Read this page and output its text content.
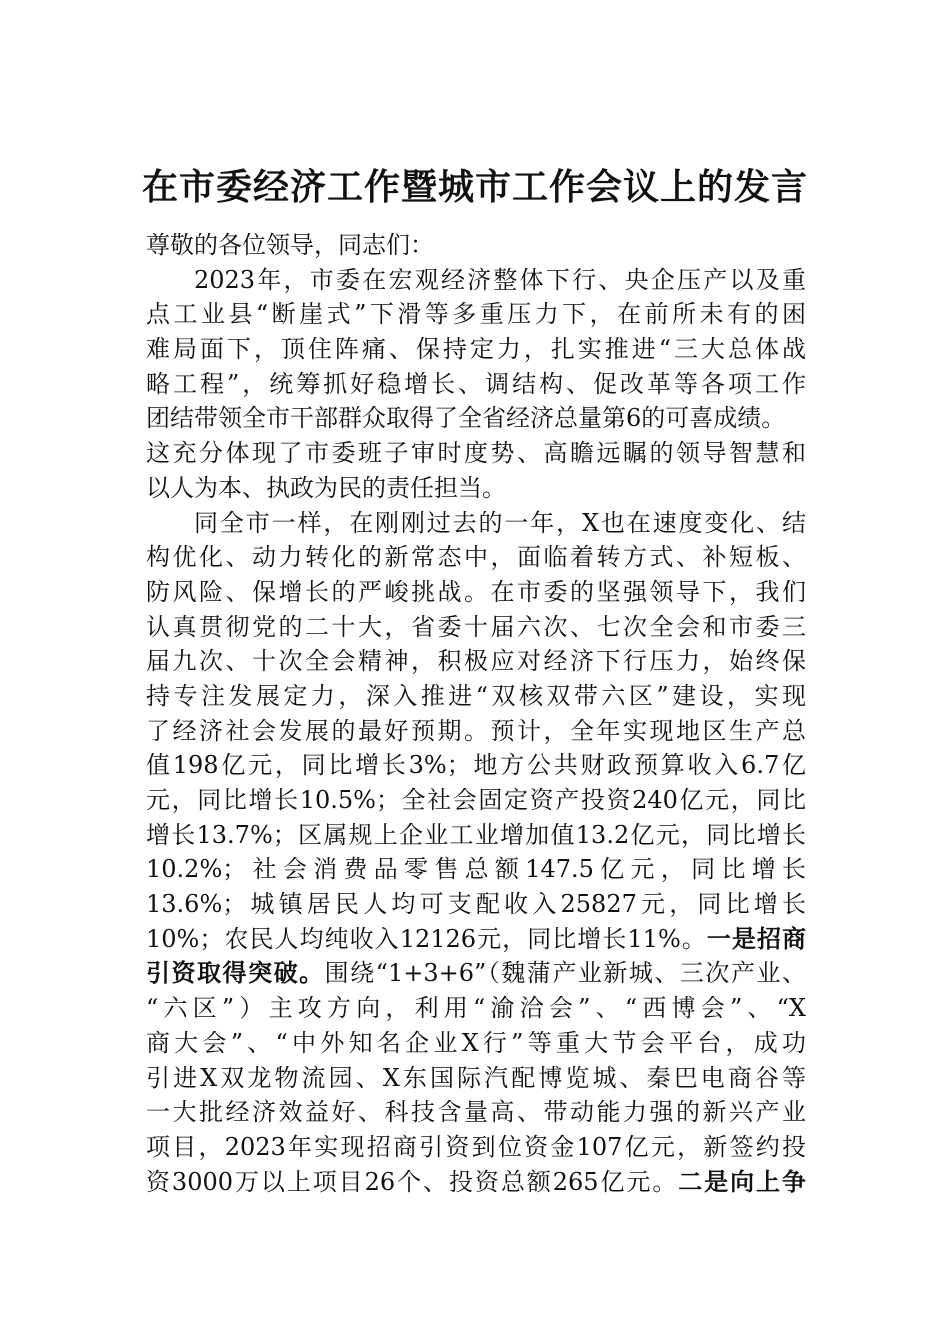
在市委经济工作暨城市工作会议上的发言
尊敬的各位领导，同志们：
2023年，市委在宏观经济整体下行、央企压产以及重
点工业县“断崖式”下滑等多重压力下，在前所未有的困
难局面下，顶住阵痛、保持定力，扎实推进“三大总体战
略工程”，统筹抓好稳增长、调结构、促改革等各项工作
团结带领全市干部群众取得了全省经济总量第6的可喜成绩。
这充分体现了市委班子审时度势、高瞻远瞩的领导智慧和
以人为本、执政为民的责任担当。
同全市一样，在刚刚过去的一年，X也在速度变化、结
构优化、动力转化的新常态中，面临着转方式、补短板、
防风险、保增长的严峻挑战。在市委的坚强领导下，我们
认真贯彻党的二十大，省委十届六次、七次全会和市委三
届九次、十次全会精神，积极应对经济下行压力，始终保
持专注发展定力，深入推进“双核双带六区”建设，实现
了经济社会发展的最好预期。预计，全年实现地区生产总
值198亿元，同比增长3%；地方公共财政预算收入6.7亿
元，同比增长10.5%；全社会固定资产投资240亿元，同比
增长13.7%；区属规上企业工业增加值13.2亿元，同比增长
10.2%；社会消费品零售总额147.5亿元，同比增长
13.6%；城镇居民人均可支配收入25827元，同比增长
10%；农民人均纯收入12126元，同比增长11%。一是招商
引资取得突破。围绕“1+3+6”（魏蒲产业新城、三次产业、
“六区”）主攻方向，利用“渝洽会”、“西博会”、“X
商大会”、“中外知名企业X行”等重大节会平台，成功
引进X双龙物流园、X东国际汽配博览城、秦巴电商谷等
一大批经济效益好、科技含量高、带动能力强的新兴产业
项目，2023年实现招商引资到位资金107亿元，新签约投
资3000万以上项目26个、投资总额265亿元。二是向上争
